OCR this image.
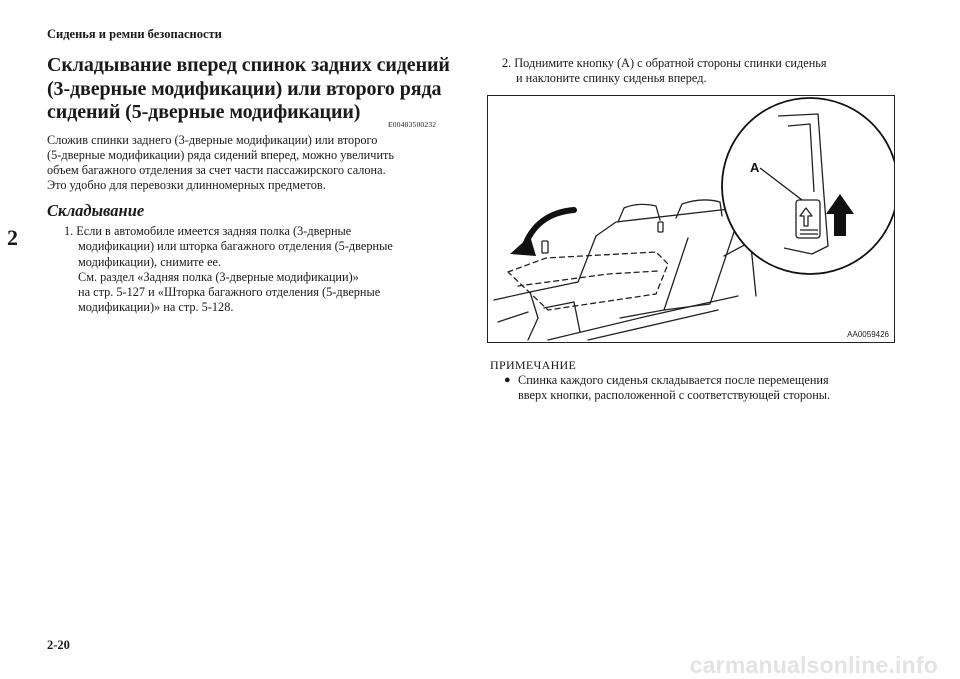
Сиденья и ремни безопасности
2
Складывание вперед спинок задних сидений
(3-дверные модификации) или второго ряда
сидений (5-дверные модификации)
E00403500232
Сложив спинки заднего (3-дверные модификации) или второго
(5-дверные модификации) ряда сидений вперед, можно увеличить
объем багажного отделения за счет части пассажирского салона.
Это удобно для перевозки длинномерных предметов.
Складывание
1. Если в автомобиле имеется задняя полка (3-дверные
модификации) или шторка багажного отделения (5-дверные
модификации), снимите ее.
См. раздел «Задняя полка (3-дверные модификации)»
на стр. 5-127 и «Шторка багажного отделения (5-дверные
модификации)» на стр. 5-128.
2. Поднимите кнопку (A) с обратной стороны спинки сиденья
и наклоните спинку сиденья вперед.
A
AA0059426
ПРИМЕЧАНИЕ
● Спинка каждого сиденья складывается после перемещения
вверх кнопки, расположенной с соответствующей стороны.
2-20
carmanualsonline.info
